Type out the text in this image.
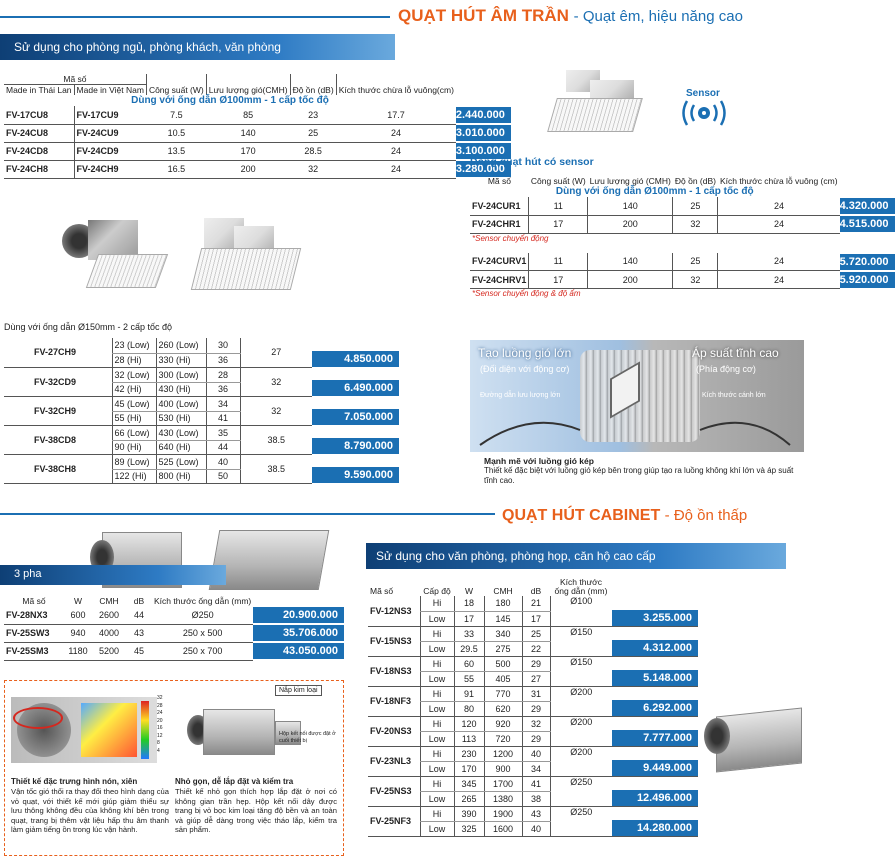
QUẠT HÚT ÂM TRẦN - Quạt êm, hiệu năng cao
Sử dụng cho phòng ngủ, phòng khách, văn phòng
Mã số		Công suất (W)	Lưu lượng gió(CMH)	Độ ồn (dB)	Kích thước chừa lỗ vuông(cm)	
Made in Thái Lan	Made in Việt Nam					
Dùng với ống dẫn Ø100mm - 1 cấp tốc độ						
FV-17CU8	FV-17CU9	7.5	85	23	17.7	2.440.000

FV-24CU8	FV-24CU9	10.5	140	25	24	3.010.000

FV-24CD8	FV-24CD9	13.5	170	28.5	24	3.100.000

FV-24CH8	FV-24CH9	16.5	200	32	24	3.280.000
Dùng với ống dẫn Ø150mm - 2 cấp tốc độ
FV-27CH9	23 (Low)	260 (Low)	30	27	4.850.000

	28 (Hi)	330 (Hi)	36		
FV-32CD9	32 (Low)	300 (Low)	28	32	6.490.000

	42 (Hi)	430 (Hi)	36		
FV-32CH9	45 (Low)	400 (Low)	34	32	7.050.000

	55 (Hi)	530 (Hi)	41		
FV-38CD8	66 (Low)	430 (Low)	35	38.5	8.790.000

	90 (Hi)	640 (Hi)	44		
FV-38CH8	89 (Low)	525 (Low)	40	38.5	9.590.000

	122 (Hi)	800 (Hi)	50		
Sensor
Dòng quạt hút có sensor
Mã số	Công suất (W)	Lưu lượng gió (CMH)	Độ ồn (dB)	Kích thước chừa lỗ vuông (cm)	
Dùng với ống dẫn Ø100mm - 1 cấp tốc độ					
FV-24CUR1	11	140	25	24	4.320.000

FV-24CHR1	17	200	32	24	4.515.000

*Sensor chuyển động					

FV-24CURV1	11	140	25	24	5.720.000

FV-24CHRV1	17	200	32	24	5.920.000

*Sensor chuyển động & độ ẩm					
Tạo luồng gió lớn
(Đối diện với động cơ)
Đường dẫn lưu lượng lớn
Áp suất tĩnh cao
(Phía động cơ)
Kích thước cánh lớn
Mạnh mẽ với luồng gió kép
Thiết kế đặc biệt với luồng gió kép bên trong giúp tạo ra luồng không khí lớn và áp suất tĩnh cao.
QUẠT HÚT CABINET - Độ ồn thấp
3 pha
Mã số	W	CMH	dB	Kích thước ống dẫn (mm)	
FV-28NX3	600	2600	44	Ø250	20.900.000

FV-25SW3	940	4000	43	250 x 500	35.706.000

FV-25SM3	1180	5200	45	250 x 700	43.050.000
32
28
24
20
16
12
8
4
Nắp kim loại
Hộp kết nối được đặt ở cuối thiết bị
Thiết kế đặc trưng hình nón, xiên
Vận tốc gió thổi ra thay đổi theo hình dạng của vỏ quạt, với thiết kế mới giúp giảm thiểu sự lưu thông không đều của không khí bên trong quạt, trang bị thêm vật liệu hấp thu âm thanh làm giảm tiếng ồn trong lúc vận hành.
Nhỏ gọn, dễ lắp đặt và kiểm tra
Thiết kế nhỏ gọn thích hợp lắp đặt ở nơi có không gian trần hẹp. Hộp kết nối dây được trang bị vỏ bọc kim loại tăng độ bền và an toàn và giúp dễ dàng trong việc tháo lắp, kiểm tra sản phẩm.
Sử dụng cho văn phòng, phòng họp, căn hộ cao cấp
Mã số	Cấp độ	W	CMH	dB	Kích thước ống dẫn (mm)	
FV-12NS3	Hi	18	180	21	Ø100	3.255.000

	Low	17	145	17		
FV-15NS3	Hi	33	340	25	Ø150	4.312.000

	Low	29.5	275	22		
FV-18NS3	Hi	60	500	29	Ø150	5.148.000

	Low	55	405	27		
FV-18NF3	Hi	91	770	31	Ø200	6.292.000

	Low	80	620	29		
FV-20NS3	Hi	120	920	32	Ø200	7.777.000

	Low	113	720	29		
FV-23NL3	Hi	230	1200	40	Ø200	9.449.000

	Low	170	900	34		
FV-25NS3	Hi	345	1700	41	Ø250	12.496.000

	Low	265	1380	38		
FV-25NF3	Hi	390	1900	43	Ø250	14.280.000

	Low	325	1600	40		
